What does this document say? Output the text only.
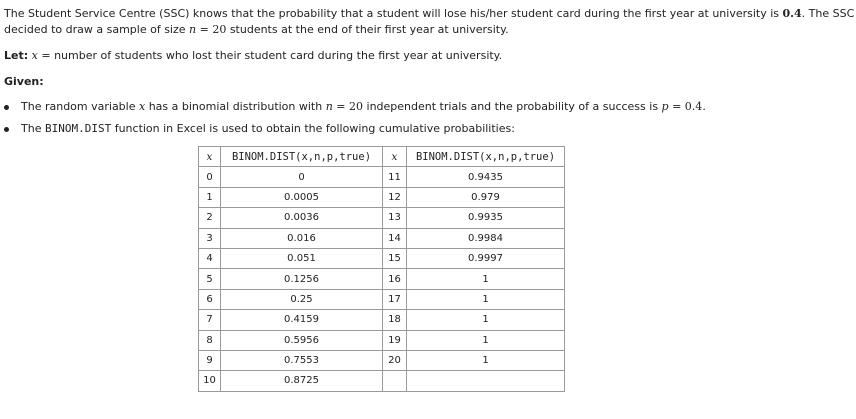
The Student Service Centre (SSC) knows that the probability that a student will lose his/her student card during the first year at university is 0.4. The SSC
decided to draw a sample of size n = 20 students at the end of their first year at university.
Let: x = number of students who lost their student card during the first year at university.
Given:
The random variable x has a binomial distribution with n = 20 independent trials and the probability of a success is p = 0.4.
The BINOM.DIST function in Excel is used to obtain the following cumulative probabilities:
x	BINOM.DIST(x,n,p,true)	x	BINOM.DIST(x,n,p,true)
0	0	11	0.9435
1	0.0005	12	0.979
2	0.0036	13	0.9935
3	0.016	14	0.9984
4	0.051	15	0.9997
5	0.1256	16	1
6	0.25	17	1
7	0.4159	18	1
8	0.5956	19	1
9	0.7553	20	1
10	0.8725		
